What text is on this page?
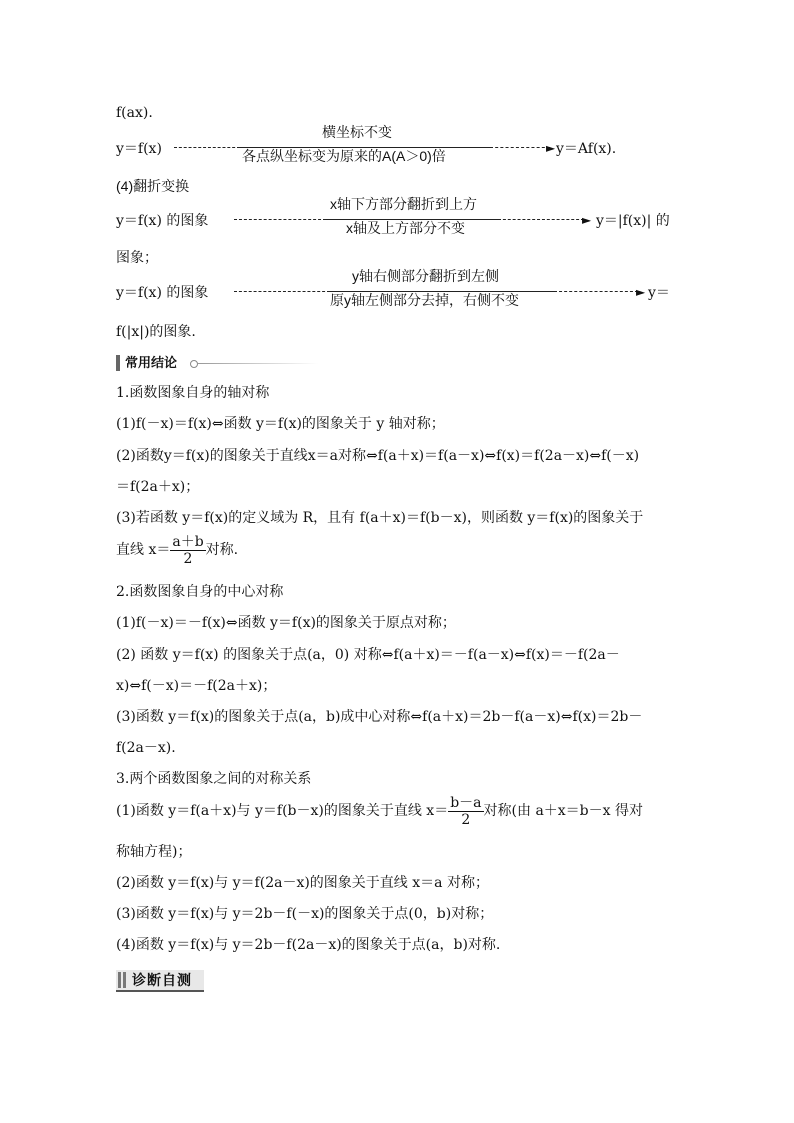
f(ax).
y＝f(x)
横坐标不变
各点纵坐标变为原来的A(A＞0)倍	► y＝Af(x).
(4)翻折变换
y＝f(x) 的图象
x轴下方部分翻折到上方
x轴及上方部分不变	► y＝|f(x)| 的
图象；
y＝f(x) 的图象
y轴右侧部分翻折到左侧
原y轴左侧部分去掉，右侧不变	► y＝
f(|x|)的图象.
常用结论
1.函数图象自身的轴对称
(1)f(－x)＝f(x)⇔函数 y＝f(x)的图象关于 y 轴对称；
(2)函数y＝f(x)的图象关于直线x＝a对称⇔f(a＋x)＝f(a－x)⇔f(x)＝f(2a－x)⇔f(－x)
＝f(2a＋x)；
(3)若函数 y＝f(x)的定义域为 R，且有 f(a＋x)＝f(b－x)，则函数 y＝f(x)的图象关于
直线 $x= \frac{a+b}{2}$ 对称.
2.函数图象自身的中心对称
(1)f(－x)＝－f(x)⇔函数 y＝f(x)的图象关于原点对称；
(2) 函数 y＝f(x) 的图象关于点(a，0) 对称⇔f(a＋x)＝－f(a－x)⇔f(x)＝－f(2a－
x)⇔f(－x)＝－f(2a＋x)；
(3)函数 y＝f(x)的图象关于点(a，b)成中心对称⇔f(a＋x)＝2b－f(a－x)⇔f(x)＝2b－
f(2a－x).
3.两个函数图象之间的对称关系
(1)函数 y＝f(a＋x)与 y＝f(b－x)的图象关于直线 $x= \frac{b-a}{2}$ 对称(由 a＋x＝b－x 得对
称轴方程)；
(2)函数 y＝f(x)与 y＝f(2a－x)的图象关于直线 x＝a 对称；
(3)函数 y＝f(x)与 y＝2b－f(－x)的图象关于点(0，b)对称；
(4)函数 y＝f(x)与 y＝2b－f(2a－x)的图象关于点(a，b)对称.
诊断自测
